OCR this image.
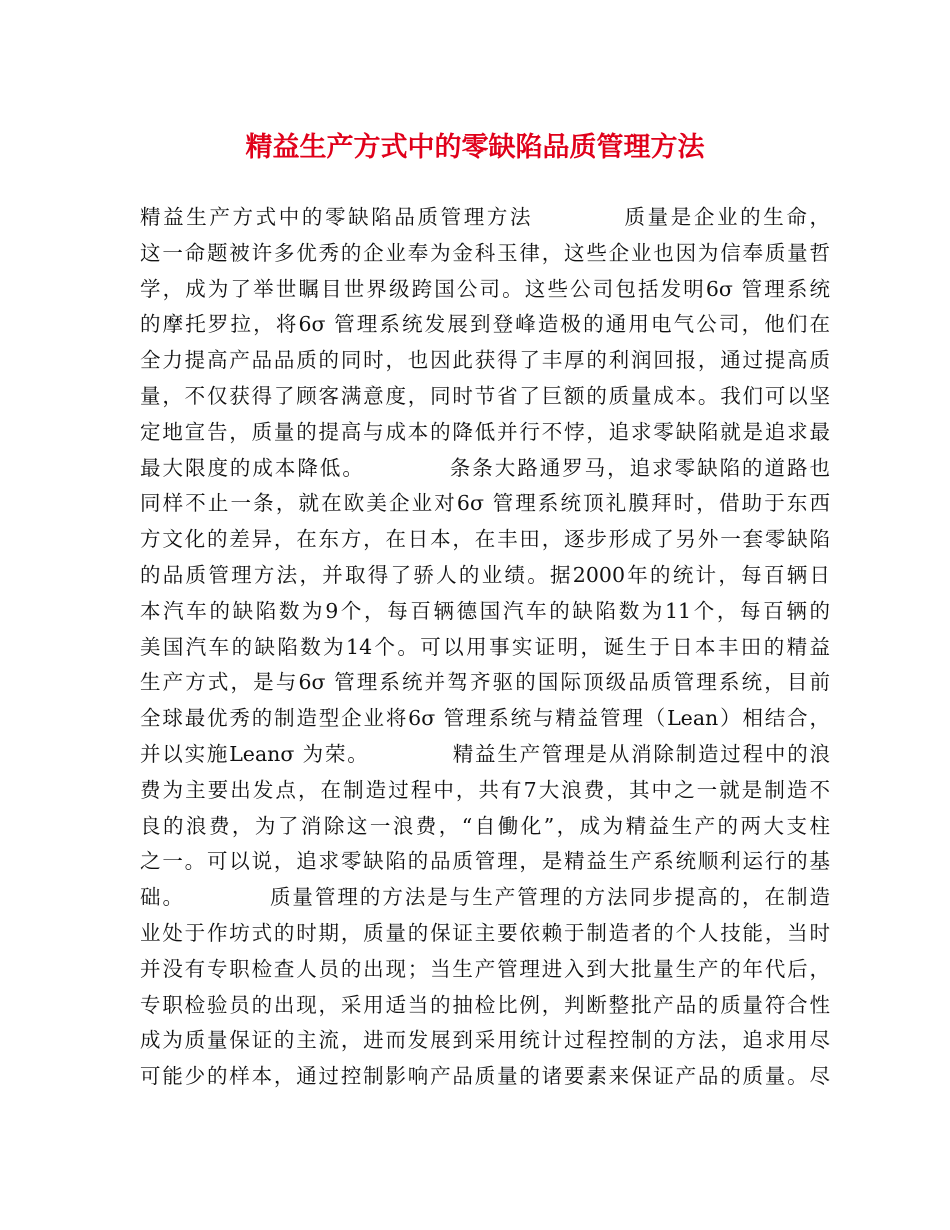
精益生产方式中的零缺陷品质管理方法
精益生产方式中的零缺陷品质管理方法          质量是企业的生命，
这一命题被许多优秀的企业奉为金科玉律，这些企业也因为信奉质量哲
学，成为了举世瞩目世界级跨国公司。这些公司包括发明6σ 管理系统
的摩托罗拉，将6σ 管理系统发展到登峰造极的通用电气公司，他们在
全力提高产品品质的同时，也因此获得了丰厚的利润回报，通过提高质
量，不仅获得了顾客满意度，同时节省了巨额的质量成本。我们可以坚
定地宣告，质量的提高与成本的降低并行不悖，追求零缺陷就是追求最
最大限度的成本降低。          条条大路通罗马，追求零缺陷的道路也
同样不止一条，就在欧美企业对6σ 管理系统顶礼膜拜时，借助于东西
方文化的差异，在东方，在日本，在丰田，逐步形成了另外一套零缺陷
的品质管理方法，并取得了骄人的业绩。据2000年的统计，每百辆日
本汽车的缺陷数为9个，每百辆德国汽车的缺陷数为11个，每百辆的
美国汽车的缺陷数为14个。可以用事实证明，诞生于日本丰田的精益
生产方式，是与6σ 管理系统并驾齐驱的国际顶级品质管理系统，目前
全球最优秀的制造型企业将6σ 管理系统与精益管理（Lean）相结合，
并以实施Leanσ 为荣。          精益生产管理是从消除制造过程中的浪
费为主要出发点，在制造过程中，共有7大浪费，其中之一就是制造不
良的浪费，为了消除这一浪费，“自働化”，成为精益生产的两大支柱
之一。可以说，追求零缺陷的品质管理，是精益生产系统顺利运行的基
础。          质量管理的方法是与生产管理的方法同步提高的，在制造
业处于作坊式的时期，质量的保证主要依赖于制造者的个人技能，当时
并没有专职检查人员的出现；当生产管理进入到大批量生产的年代后，
专职检验员的出现，采用适当的抽检比例，判断整批产品的质量符合性
成为质量保证的主流，进而发展到采用统计过程控制的方法，追求用尽
可能少的样本，通过控制影响产品质量的诸要素来保证产品的质量。尽
